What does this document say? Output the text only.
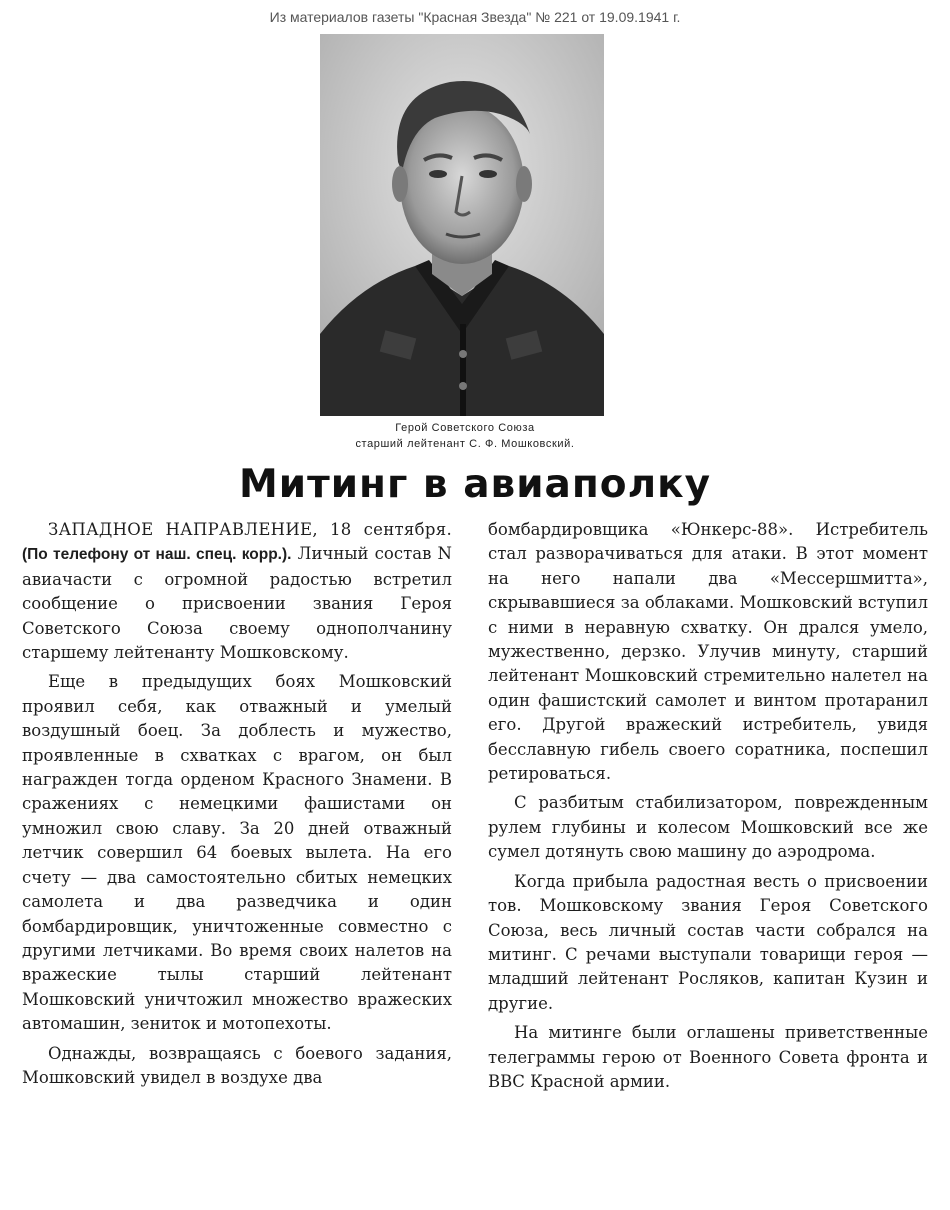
Из материалов газеты "Красная Звезда" № 221 от 19.09.1941 г.
Герой Советского Союза
старший лейтенант С. Ф. Мошковский.
Митинг в авиаполку

ЗАПАДНОЕ НАПРАВЛЕНИЕ, 18 сентября. (По телефону от наш. спец. корр.). Личный состав N авиачасти с огромной радостью встретил сообщение о присвоении звания Героя Советского Союза своему однополчанину старшему лейтенанту Мошковскому.

Еще в предыдущих боях Мошковский проявил себя, как отважный и умелый воздушный боец. За доблесть и мужество, проявленные в схватках с врагом, он был награжден тогда орденом Красного Знамени. В сражениях с немецкими фашистами он умножил свою славу. За 20 дней отважный летчик совершил 64 боевых вылета. На его счету — два самостоятельно сбитых немецких самолета и два разведчика и один бомбардировщик, уничтоженные совместно с другими летчиками. Во время своих налетов на вражеские тылы старший лейтенант Мошковский уничтожил множество вражеских автомашин, зениток и мотопехоты.

Однажды, возвращаясь с боевого задания, Мошковский увидел в воздухе два

бомбардировщика «Юнкерс-88». Истребитель стал разворачиваться для атаки. В этот момент на него напали два «Мессершмитта», скрывавшиеся за облаками. Мошковский вступил с ними в неравную схватку. Он дрался умело, мужественно, дерзко. Улучив минуту, старший лейтенант Мошковский стремительно налетел на один фашистский самолет и винтом протаранил его. Другой вражеский истребитель, увидя бесславную гибель своего соратника, поспешил ретироваться.

С разбитым стабилизатором, поврежденным рулем глубины и колесом Мошковский все же сумел дотянуть свою машину до аэродрома.

Когда прибыла радостная весть о присвоении тов. Мошковскому звания Героя Советского Союза, весь личный состав части собрался на митинг. С речами выступали товарищи героя — младший лейтенант Росляков, капитан Кузин и другие.

На митинге были оглашены приветственные телеграммы герою от Военного Совета фронта и ВВС Красной армии.
